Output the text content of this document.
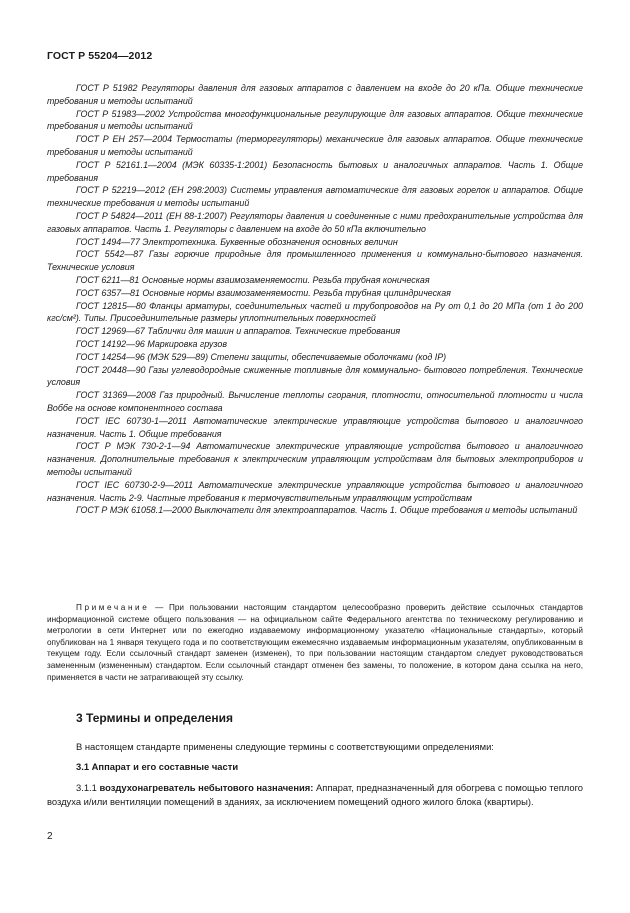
ГОСТ Р 55204—2012

ГОСТ Р 51982 Регуляторы давления для газовых аппаратов с давлением на входе до 20 кПа. Общие технические требования и методы испытаний

ГОСТ Р 51983—2002 Устройства многофункциональные регулирующие для газовых аппаратов. Общие технические требования и методы испытаний

ГОСТ Р ЕН 257—2004 Термостаты (терморегуляторы) механические для газовых аппаратов. Общие технические требования и методы испытаний

ГОСТ Р 52161.1—2004 (МЭК 60335-1:2001) Безопасность бытовых и аналогичных аппаратов. Часть 1. Общие требования

ГОСТ Р 52219—2012 (ЕН 298:2003) Системы управления автоматические для газовых горелок и аппаратов. Общие технические требования и методы испытаний

ГОСТ Р 54824—2011 (ЕН 88-1:2007) Регуляторы давления и соединенные с ними предохранительные устройства для газовых аппаратов. Часть 1. Регуляторы с давлением на входе до 50 кПа включительно

ГОСТ 1494—77 Электротехника. Буквенные обозначения основных величин

ГОСТ 5542—87 Газы горючие природные для промышленного применения и коммунально-бытового назначения. Технические условия

ГОСТ 6211—81 Основные нормы взаимозаменяемости. Резьба трубная коническая

ГОСТ 6357—81 Основные нормы взаимозаменяемости. Резьба трубная цилиндрическая

ГОСТ 12815—80 Фланцы арматуры, соединительных частей и трубопроводов на Pу от 0,1 до 20 МПа (от 1 до 200 кгс/см²). Типы. Присоединительные размеры уплотнительных поверхностей

ГОСТ 12969—67 Таблички для машин и аппаратов. Технические требования

ГОСТ 14192—96 Маркировка грузов

ГОСТ 14254—96 (МЭК 529—89) Степени защиты, обеспечиваемые оболочками (код IP)

ГОСТ 20448—90 Газы углеводородные сжиженные топливные для коммунально- бытового потребления. Технические условия

ГОСТ 31369—2008 Газ природный. Вычисление теплоты сгорания, плотности, относительной плотности и числа Воббе на основе компонентного состава

ГОСТ IEC 60730-1—2011 Автоматические электрические управляющие устройства бытового и аналогичного назначения. Часть 1. Общие требования

ГОСТ Р МЭК 730-2-1—94 Автоматические электрические управляющие устройства бытового и аналогичного назначения. Дополнительные требования к электрическим управляющим устройствам для бытовых электроприборов и методы испытаний

ГОСТ IEC 60730-2-9—2011 Автоматические электрические управляющие устройства бытового и аналогичного назначения. Часть 2-9. Частные требования к термочувствительным управляющим устройствам

ГОСТ Р МЭК 61058.1—2000 Выключатели для электроаппаратов. Часть 1. Общие требования и методы испытаний

Примечание — При пользовании настоящим стандартом целесообразно проверить действие ссылочных стандартов информационной системе общего пользования — на официальном сайте Федерального агентства по техническому регулированию и метрологии в сети Интернет или по ежегодно издаваемому информационному указателю «Национальные стандарты», который опубликован на 1 января текущего года и по соответствующим ежемесячно издаваемым информационным указателям, опубликованным в текущем году. Если ссылочный стандарт заменен (изменен), то при пользовании настоящим стандартом следует руководствоваться замененным (измененным) стандартом. Если ссылочный стандарт отменен без замены, то положение, в котором дана ссылка на него, применяется в части не затрагивающей эту ссылку.

3 Термины и определения

В настоящем стандарте применены следующие термины с соответствующими определениями:

3.1 Аппарат и его составные части

3.1.1 воздухонагреватель небытового назначения: Аппарат, предназначенный для обогрева с помощью теплого воздуха и/или вентиляции помещений в зданиях, за исключением помещений одного жилого блока (квартиры).

2
